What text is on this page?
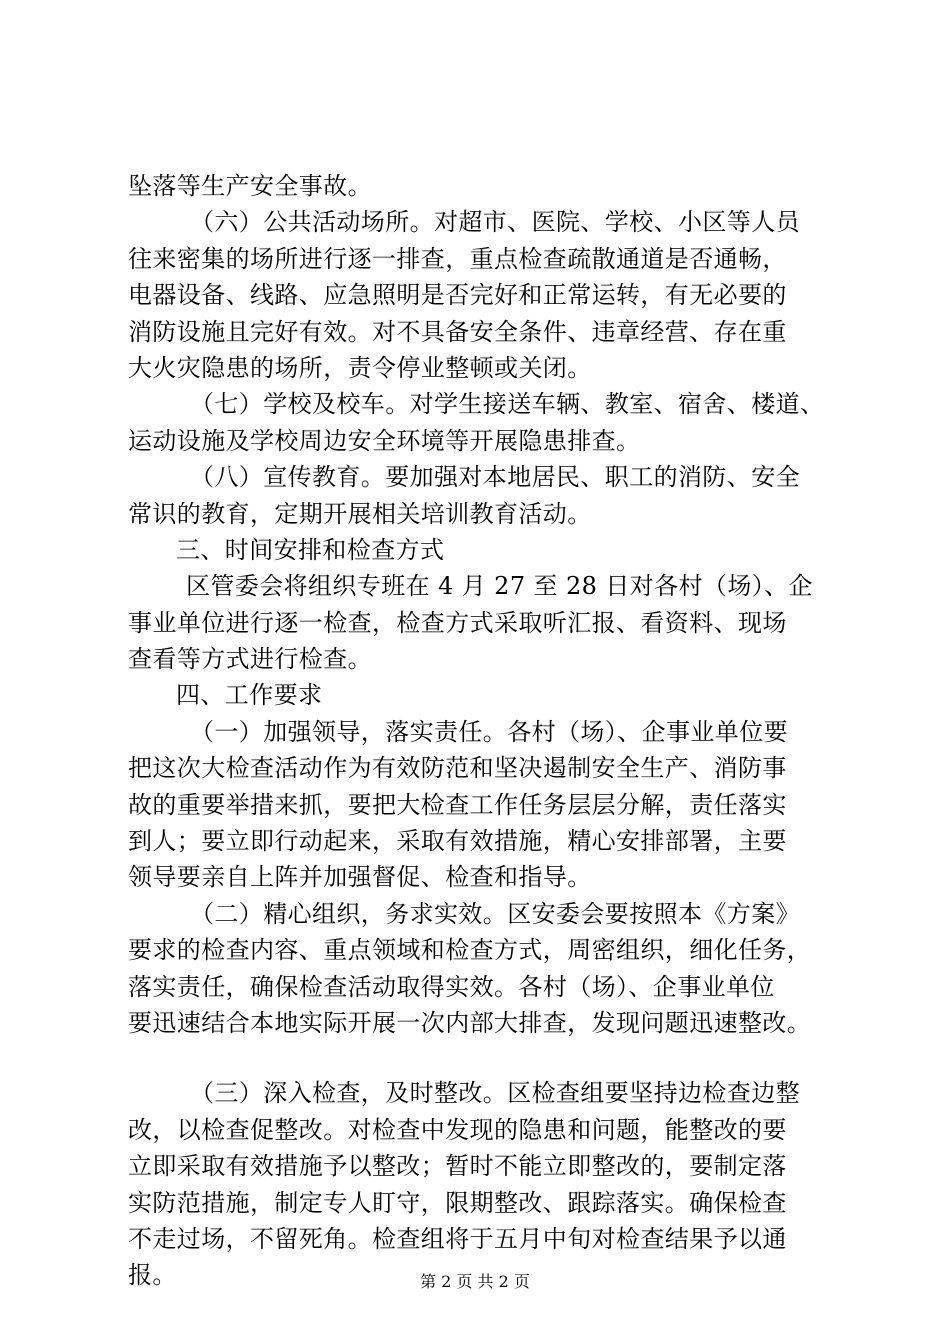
坠落等生产安全事故。
（六）公共活动场所。对超市、医院、学校、小区等人员
往来密集的场所进行逐一排查，重点检查疏散通道是否通畅，
电器设备、线路、应急照明是否完好和正常运转，有无必要的
消防设施且完好有效。对不具备安全条件、违章经营、存在重
大火灾隐患的场所，责令停业整顿或关闭。
（七）学校及校车。对学生接送车辆、教室、宿舍、楼道、
运动设施及学校周边安全环境等开展隐患排查。
（八）宣传教育。要加强对本地居民、职工的消防、安全
常识的教育，定期开展相关培训教育活动。
三、时间安排和检查方式
区管委会将组织专班在 4 月 27 至 28 日对各村（场）、企
事业单位进行逐一检查，检查方式采取听汇报、看资料、现场
查看等方式进行检查。
四、工作要求
（一）加强领导，落实责任。各村（场）、企事业单位要
把这次大检查活动作为有效防范和坚决遏制安全生产、消防事
故的重要举措来抓，要把大检查工作任务层层分解，责任落实
到人；要立即行动起来，采取有效措施，精心安排部署，主要
领导要亲自上阵并加强督促、检查和指导。
（二）精心组织，务求实效。区安委会要按照本《方案》
要求的检查内容、重点领域和检查方式，周密组织，细化任务，
落实责任，确保检查活动取得实效。各村（场）、企事业单位
要迅速结合本地实际开展一次内部大排查，发现问题迅速整改。
（三）深入检查，及时整改。区检查组要坚持边检查边整
改，以检查促整改。对检查中发现的隐患和问题，能整改的要
立即采取有效措施予以整改；暂时不能立即整改的，要制定落
实防范措施，制定专人盯守，限期整改、跟踪落实。确保检查
不走过场，不留死角。检查组将于五月中旬对检查结果予以通
报。	第 2 页 共 2 页
